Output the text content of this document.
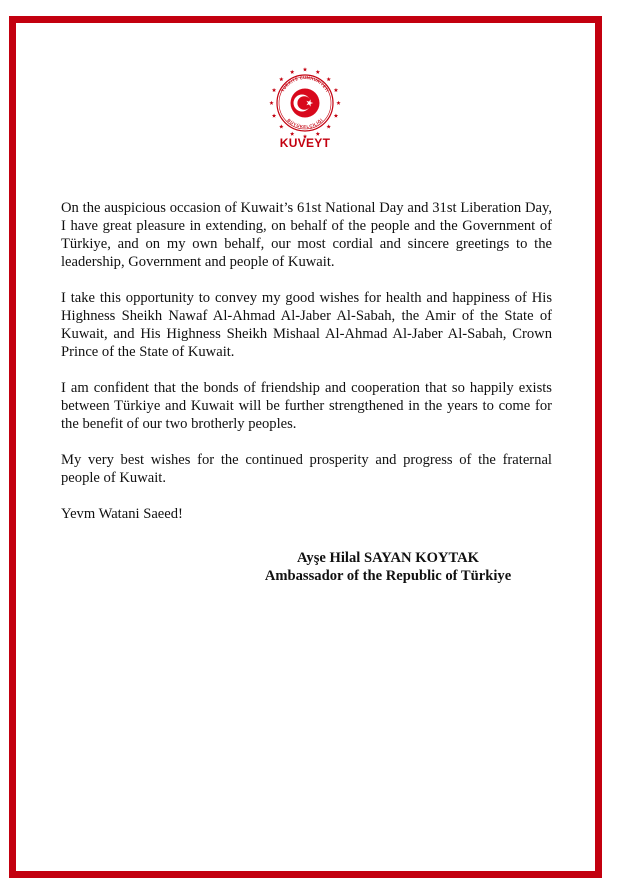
TÜRKİYE CUMHURİYETİ
BÜYÜKELÇİLİĞİ
KUVEYT

On the auspicious occasion of Kuwait’s 61st National Day and 31st Liberation Day, I have great pleasure in extending, on behalf of the people and the Government of Türkiye, and on my own behalf, our most cordial and sincere greetings to the leadership, Government and people of Kuwait.

I take this opportunity to convey my good wishes for health and happiness of His Highness Sheikh Nawaf Al-Ahmad Al-Jaber Al-Sabah, the Amir of the State of Kuwait, and His Highness Sheikh Mishaal Al-Ahmad Al-Jaber Al-Sabah, Crown Prince of the State of Kuwait.

I am confident that the bonds of friendship and cooperation that so happily exists between Türkiye and Kuwait will be further strengthened in the years to come for the benefit of our two brotherly peoples.

My very best wishes for the continued prosperity and progress of the fraternal people of Kuwait.

Yevm Watani Saeed!

Ayşe Hilal SAYAN KOYTAK
Ambassador of the Republic of Türkiye
